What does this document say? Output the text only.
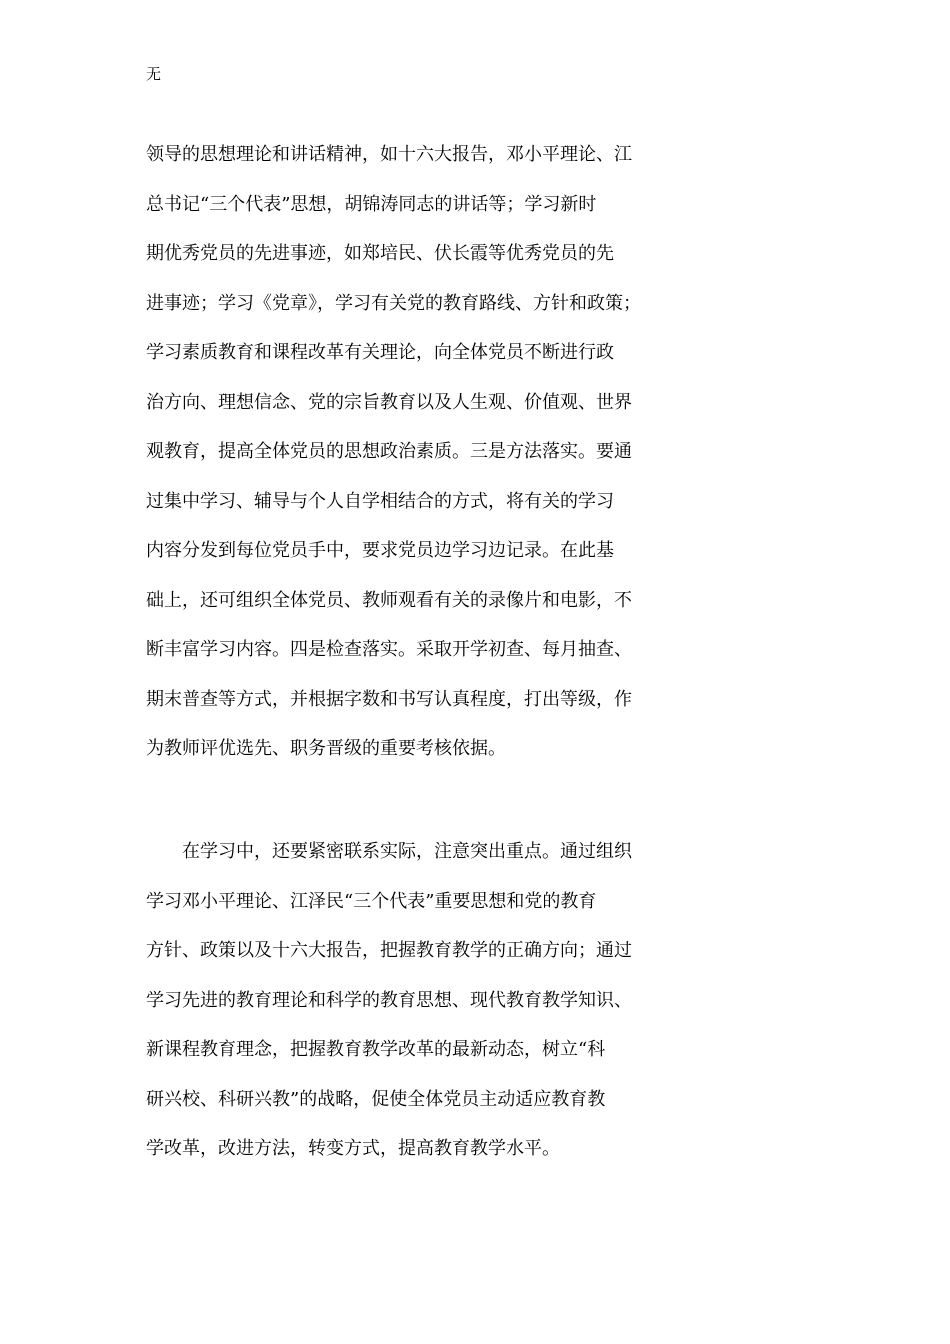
无
领导的思想理论和讲话精神，如十六大报告，邓小平理论、江
总书记“三个代表”思想，胡锦涛同志的讲话等；学习新时
期优秀党员的先进事迹，如郑培民、伏长霞等优秀党员的先
进事迹；学习《党章》，学习有关党的教育路线、方针和政策；
学习素质教育和课程改革有关理论，向全体党员不断进行政
治方向、理想信念、党的宗旨教育以及人生观、价值观、世界
观教育，提高全体党员的思想政治素质。三是方法落实。要通
过集中学习、辅导与个人自学相结合的方式，将有关的学习
内容分发到每位党员手中，要求党员边学习边记录。在此基
础上，还可组织全体党员、教师观看有关的录像片和电影，不
断丰富学习内容。四是检查落实。采取开学初查、每月抽查、
期末普查等方式，并根据字数和书写认真程度，打出等级，作
为教师评优选先、职务晋级的重要考核依据。
　　在学习中，还要紧密联系实际，注意突出重点。通过组织
学习邓小平理论、江泽民“三个代表”重要思想和党的教育
方针、政策以及十六大报告，把握教育教学的正确方向；通过
学习先进的教育理论和科学的教育思想、现代教育教学知识、
新课程教育理念，把握教育教学改革的最新动态，树立“科
研兴校、科研兴教”的战略，促使全体党员主动适应教育教
学改革，改进方法，转变方式，提高教育教学水平。
